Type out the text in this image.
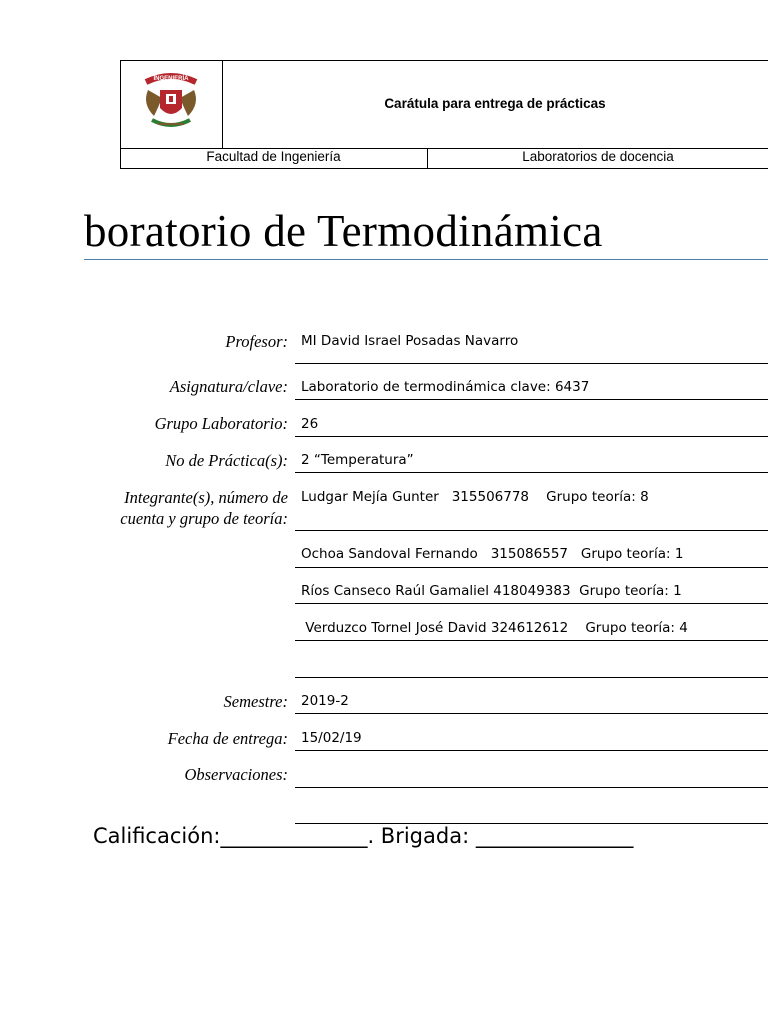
INGENIERÍA
Carátula para entrega de prácticas
Facultad de Ingeniería	Laboratorios de docencia
boratorio de Termodinámica
Profesor: MI David Israel Posadas Navarro
Asignatura/clave: Laboratorio de termodinámica clave: 6437
Grupo Laboratorio: 26
No de Práctica(s): 2 “Temperatura”
Integrante(s), número de
cuenta y grupo de teoría:
Ludgar Mejía Gunter   315506778    Grupo teoría: 8
Ochoa Sandoval Fernando   315086557   Grupo teoría: 1
Ríos Canseco Raúl Gamaliel 418049383  Grupo teoría: 1
Verduzco Tornel José David 324612612    Grupo teoría: 4
Semestre: 2019-2
Fecha de entrega: 15/02/19
Observaciones:
Calificación:______________. Brigada: _______________
